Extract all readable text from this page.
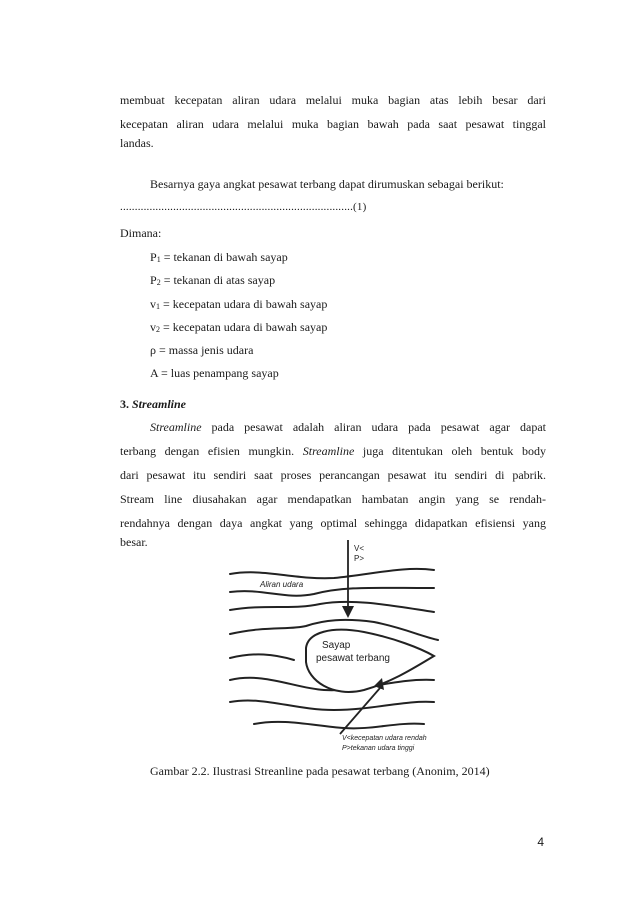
membuat kecepatan aliran udara melalui muka bagian atas lebih besar dari
kecepatan aliran udara melalui muka bagian bawah pada saat pesawat tinggal
landas.
Besarnya gaya angkat pesawat terbang dapat dirumuskan sebagai berikut:
...............................................................................(1)
Dimana:
$P_1$ = tekanan di bawah sayap
$P_2$ = tekanan di atas sayap
$v_1$ = kecepatan udara di bawah sayap
$v_2$ = kecepatan udara di bawah sayap
ρ = massa jenis udara
A = luas penampang sayap
3. Streamline
Streamline pada pesawat adalah aliran udara pada pesawat agar dapat
terbang dengan efisien mungkin. Streamline juga ditentukan oleh bentuk body
dari pesawat itu sendiri saat proses perancangan pesawat itu sendiri di pabrik.
Stream line diusahakan agar mendapatkan hambatan angin yang se rendah-
rendahnya dengan daya angkat yang optimal sehingga didapatkan efisiensi yang
besar.	V<
P>
Aliran udara
Sayap
pesawat terbang
V<kecepatan udara rendah
P>tekanan udara tinggi
Gambar 2.2. Ilustrasi Streanline pada pesawat terbang (Anonim, 2014)
4
